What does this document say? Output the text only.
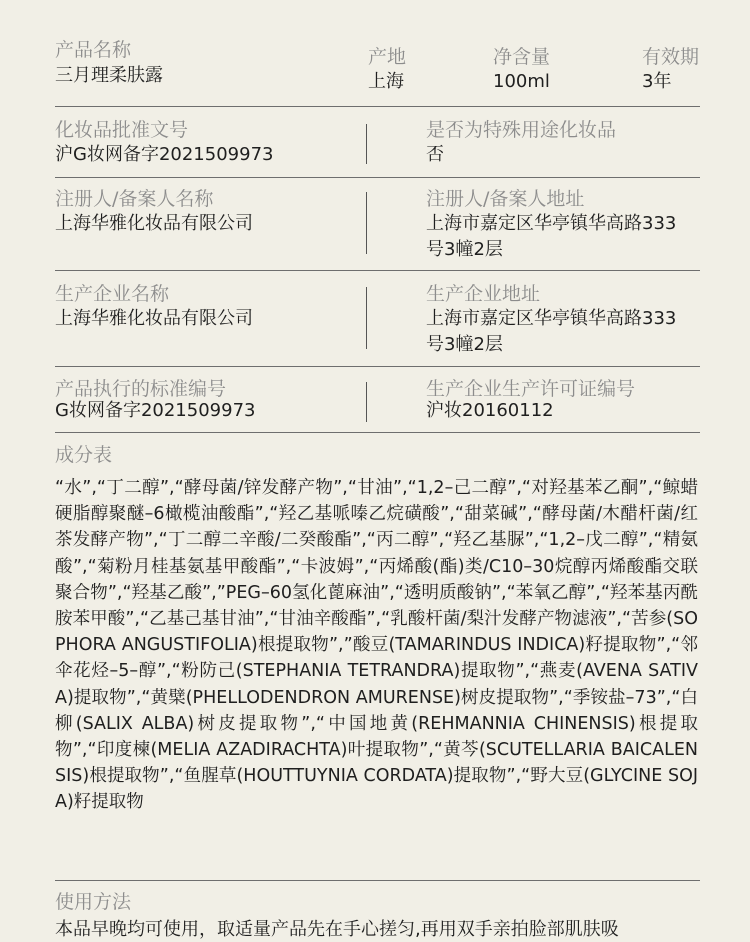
产品名称
三月理柔肤露
产地
上海
净含量
100ml
有效期
3年
化妆品批准文号
沪G妆网备字2021509973
是否为特殊用途化妆品
否
注册人/备案人名称
上海华雅化妆品有限公司
注册人/备案人地址
上海市嘉定区华亭镇华高路333
号3幢2层
生产企业名称
上海华雅化妆品有限公司
生产企业地址
上海市嘉定区华亭镇华高路333
号3幢2层
产品执行的标准编号
G妆网备字2021509973
生产企业生产许可证编号
沪妆20160112
成分表
“水”,“丁二醇”,“酵母菌/锌发酵产物”,“甘油”,“1,2–己二醇”,“对羟基苯乙酮”,“鲸蜡硬脂醇聚醚–6橄榄油酸酯”,“羟乙基哌嗪乙烷磺酸”,“甜菜碱”,“酵母菌/木醋杆菌/红茶发酵产物”,“丁二醇二辛酸/二癸酸酯”,“丙二醇”,“羟乙基脲”,“1,2–戊二醇”,“精氨酸”,“菊粉月桂基氨基甲酸酯”,“卡波姆”,“丙烯酸(酯)类/C10–30烷醇丙烯酸酯交联聚合物”,“羟基乙酸”,”PEG–60氢化蓖麻油”,“透明质酸钠”,“苯氧乙醇”,“羟苯基丙酰胺苯甲酸”,“乙基己基甘油”,“甘油辛酸酯”,“乳酸杆菌/梨汁发酵产物滤液”,“苦参(SOPHORA ANGUSTIFOLIA)根提取物”,”酸豆(TAMARINDUS INDICA)籽提取物”,“邻伞花烃–5–醇”,“粉防己(STEPHANIA TETRANDRA)提取物”,“燕麦(AVENA SATIVA)提取物”,“黄檗(PHELLODENDRON AMURENSE)树皮提取物”,“季铵盐–73”,“白柳(SALIX ALBA)树皮提取物”,“中国地黄(REHMANNIA CHINENSIS)根提取物”,“印度楝(MELIA AZADIRACHTA)叶提取物”,“黄芩(SCUTELLARIA BAICALENSIS)根提取物”,“鱼腥草(HOUTTUYNIA CORDATA)提取物”,“野大豆(GLYCINE SOJA)籽提取物
使用方法
本品早晚均可使用，取适量产品先在手心搓匀,再用双手亲拍脸部肌肤吸
